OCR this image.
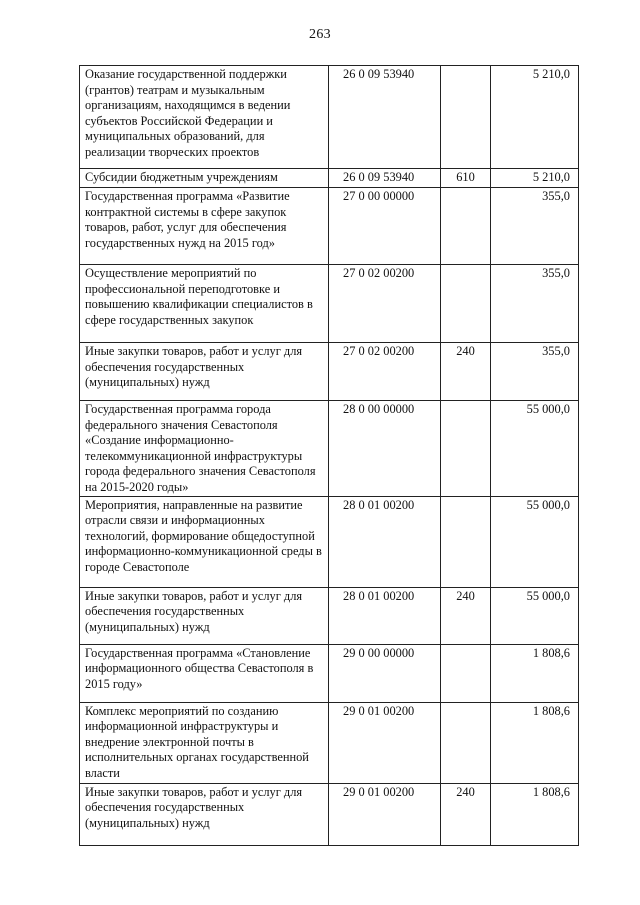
263
Оказание государственной поддержки (грантов) театрам и музыкальным организациям, находящимся в ведении субъектов Российской Федерации и муниципальных образований, для реализации творческих проектов	26 0 09 53940		5 210,0
Субсидии бюджетным учреждениям	26 0 09 53940	610	5 210,0
Государственная программа «Развитие контрактной системы в сфере закупок товаров, работ, услуг для обеспечения государственных нужд на 2015 год»	27 0 00 00000		355,0
Осуществление мероприятий по профессиональной переподготовке и повышению квалификации специалистов в сфере государственных закупок	27 0 02 00200		355,0
Иные закупки товаров, работ и услуг для обеспечения государственных (муниципальных) нужд	27 0 02 00200	240	355,0
Государственная программа города федерального значения Севастополя «Создание информационно-телекоммуникационной инфраструктуры города федерального значения Севастополя на 2015-2020 годы»	28 0 00 00000		55 000,0
Мероприятия, направленные на развитие отрасли связи и информационных технологий, формирование общедоступной информационно-коммуникационной среды в городе Севастополе	28 0 01 00200		55 000,0
Иные закупки товаров, работ и услуг для обеспечения государственных (муниципальных) нужд	28 0 01 00200	240	55 000,0
Государственная программа «Становление информационного общества Севастополя в 2015 году»	29 0 00 00000		1 808,6
Комплекс мероприятий по созданию информационной инфраструктуры и внедрение электронной почты в исполнительных органах государственной власти	29 0 01 00200		1 808,6
Иные закупки товаров, работ и услуг для обеспечения государственных (муниципальных) нужд	29 0 01 00200	240	1 808,6
